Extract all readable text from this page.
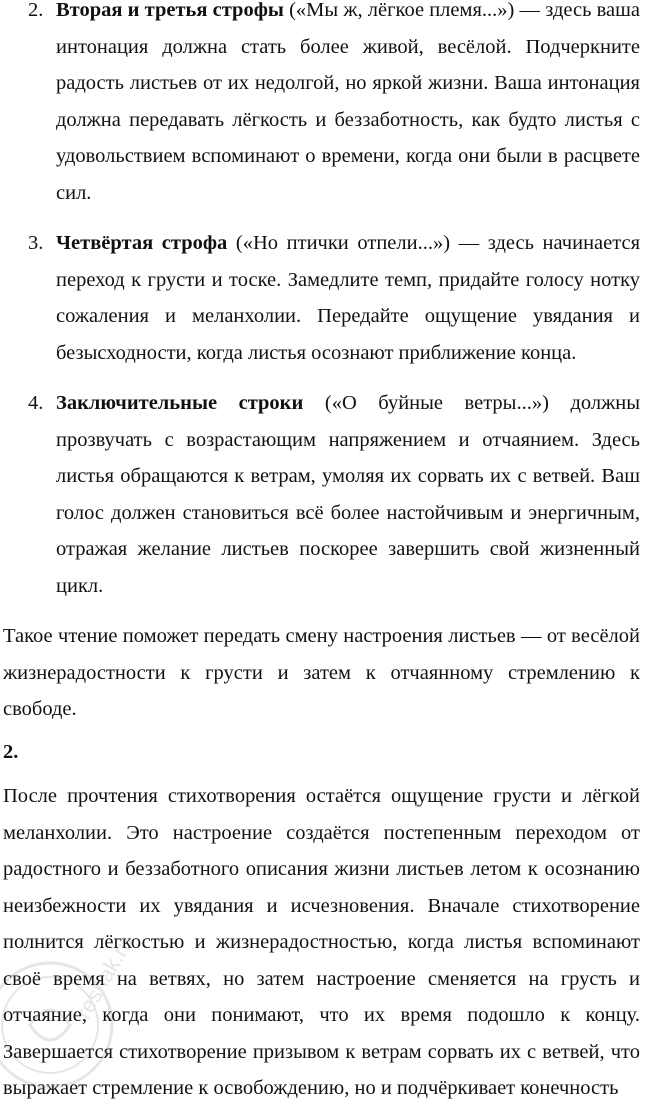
2. Вторая и третья строфы («Мы ж, лёгкое племя...») — здесь ваша интонация должна стать более живой, весёлой. Подчеркните радость листьев от их недолгой, но яркой жизни. Ваша интонация должна передавать лёгкость и беззаботность, как будто листья с удовольствием вспоминают о времени, когда они были в расцвете сил.

3. Четвёртая строфа («Но птички отпели...») — здесь начинается переход к грусти и тоске. Замедлите темп, придайте голосу нотку сожаления и меланхолии. Передайте ощущение увядания и безысходности, когда листья осознают приближение конца.

4. Заключительные строки («О буйные ветры...») должны прозвучать с возрастающим напряжением и отчаянием. Здесь листья обращаются к ветрам, умоляя их сорвать их с ветвей. Ваш голос должен становиться всё более настойчивым и энергичным, отражая желание листьев поскорее завершить свой жизненный цикл.

Такое чтение поможет передать смену настроения листьев — от весёлой жизнерадостности к грусти и затем к отчаянному стремлению к свободе.

2.

После прочтения стихотворения остаётся ощущение грусти и лёгкой меланхолии. Это настроение создаётся постепенным переходом от радостного и беззаботного описания жизни листьев летом к осознанию неизбежности их увядания и исчезновения. Вначале стихотворение полнится лёгкостью и жизнерадостностью, когда листья вспоминают своё время на ветвях, но затем настроение сменяется на грусть и отчаяние, когда они понимают, что их время подошло к концу. Завершается стихотворение призывом к ветрам сорвать их с ветвей, что выражает стремление к освобождению, но и подчёркивает конечность

reshak.ru
